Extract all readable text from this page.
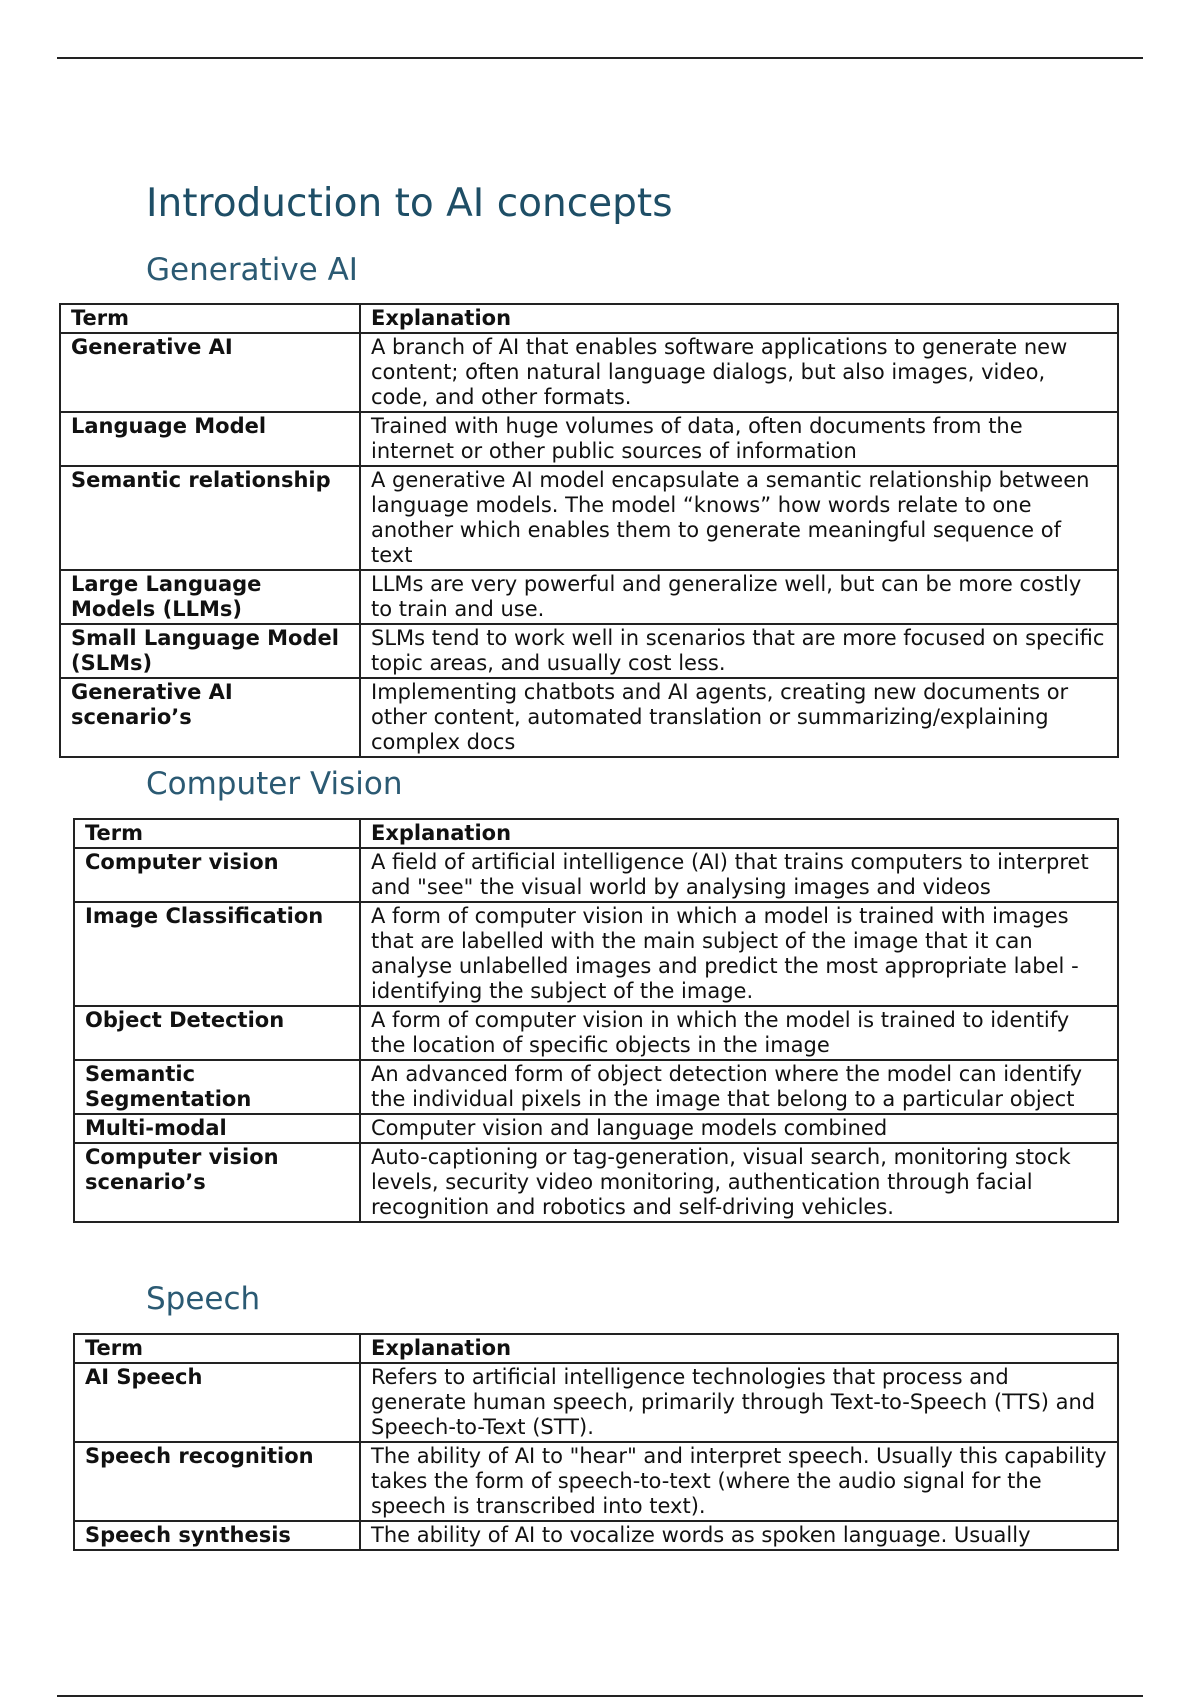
Introduction to AI concepts
Generative AI
Term	Explanation
Generative AI	A branch of AI that enables software applications to generate new content; often natural language dialogs, but also images, video, code, and other formats.
Language Model	Trained with huge volumes of data, often documents from the internet or other public sources of information
Semantic relationship	A generative AI model encapsulate a semantic relationship between language models. The model “knows” how words relate to one another which enables them to generate meaningful sequence of text
Large Language Models (LLMs)	LLMs are very powerful and generalize well, but can be more costly to train and use.
Small Language Model (SLMs)	SLMs tend to work well in scenarios that are more focused on specific topic areas, and usually cost less.
Generative AI scenario’s	Implementing chatbots and AI agents, creating new documents or other content, automated translation or summarizing/explaining complex docs
Computer Vision
Term	Explanation
Computer vision	A field of artificial intelligence (AI) that trains computers to interpret and "see" the visual world by analysing images and videos
Image Classification	A form of computer vision in which a model is trained with images that are labelled with the main subject of the image that it can analyse unlabelled images and predict the most appropriate label - identifying the subject of the image.
Object Detection	A form of computer vision in which the model is trained to identify the location of specific objects in the image
Semantic Segmentation	An advanced form of object detection where the model can identify the individual pixels in the image that belong to a particular object
Multi-modal	Computer vision and language models combined
Computer vision scenario’s	Auto-captioning or tag-generation, visual search, monitoring stock levels, security video monitoring, authentication through facial recognition and robotics and self-driving vehicles.
Speech
Term	Explanation
AI Speech	Refers to artificial intelligence technologies that process and generate human speech, primarily through Text-to-Speech (TTS) and Speech-to-Text (STT).
Speech recognition	The ability of AI to "hear" and interpret speech. Usually this capability takes the form of speech-to-text (where the audio signal for the speech is transcribed into text).
Speech synthesis	The ability of AI to vocalize words as spoken language. Usually
